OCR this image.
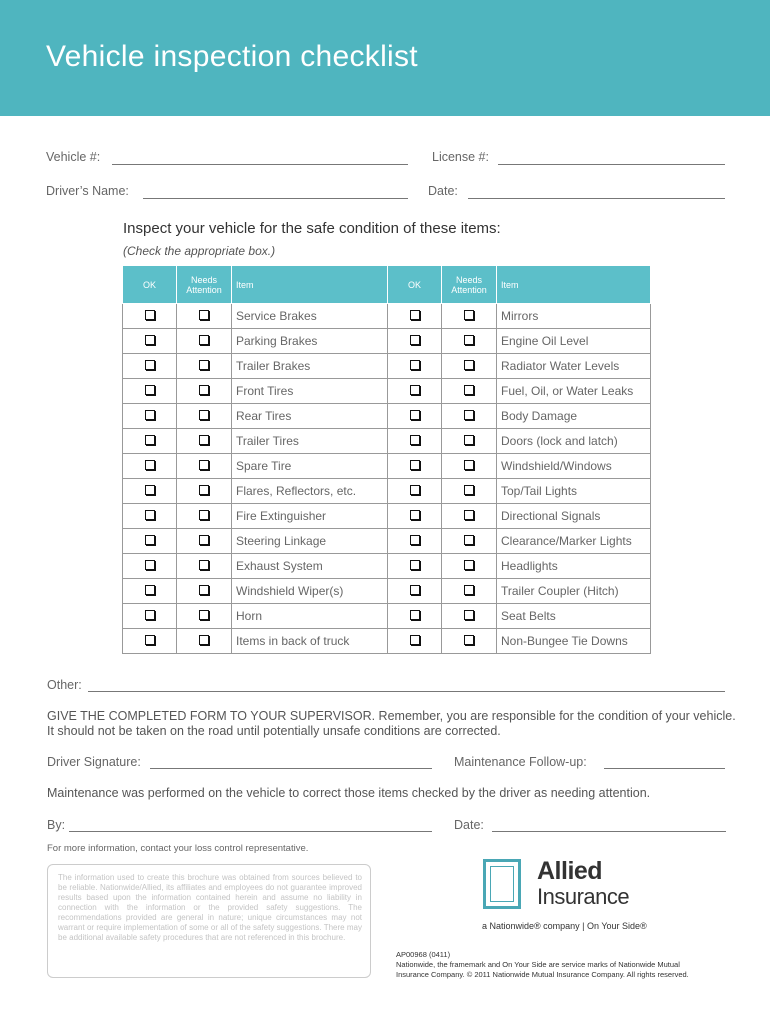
Vehicle inspection checklist
Vehicle #:	License #:
Driver’s Name:	Date:
Inspect your vehicle for the safe condition of these items:
(Check the appropriate box.)
OK	Needs Attention	Item	OK	Needs Attention	Item
		Service Brakes			Mirrors
		Parking Brakes			Engine Oil Level
		Trailer Brakes			Radiator Water Levels
		Front Tires			Fuel, Oil, or Water Leaks
		Rear Tires			Body Damage
		Trailer Tires			Doors (lock and latch)
		Spare Tire			Windshield/Windows
		Flares, Reflectors, etc.			Top/Tail Lights
		Fire Extinguisher			Directional Signals
		Steering Linkage			Clearance/Marker Lights
		Exhaust System			Headlights
		Windshield Wiper(s)			Trailer Coupler (Hitch)
		Horn			Seat Belts
		Items in back of truck			Non-Bungee Tie Downs
Other:
GIVE THE COMPLETED FORM TO YOUR SUPERVISOR. Remember, you are responsible for the condition of your vehicle. It should not be taken on the road until potentially unsafe conditions are corrected.
Driver Signature:	Maintenance Follow-up:
Maintenance was performed on the vehicle to correct those items checked by the driver as needing attention.
By:	Date:
For more information, contact your loss control representative.

The information used to create this brochure was obtained from sources believed to be reliable. Nationwide/Allied, its affiliates and employees do not guarantee improved results based upon the information contained herein and assume no liability in connection with the information or the provided safety suggestions. The recommendations provided are general in nature; unique circumstances may not warrant or require implementation of some or all of the safety suggestions. There may be additional available safety procedures that are not referenced in this brochure.

Allied
Insurance
a Nationwide® company | On Your Side®
AP00968 (0411)
Nationwide, the framemark and On Your Side are service marks of Nationwide Mutual
Insurance Company. © 2011 Nationwide Mutual Insurance Company. All rights reserved.
